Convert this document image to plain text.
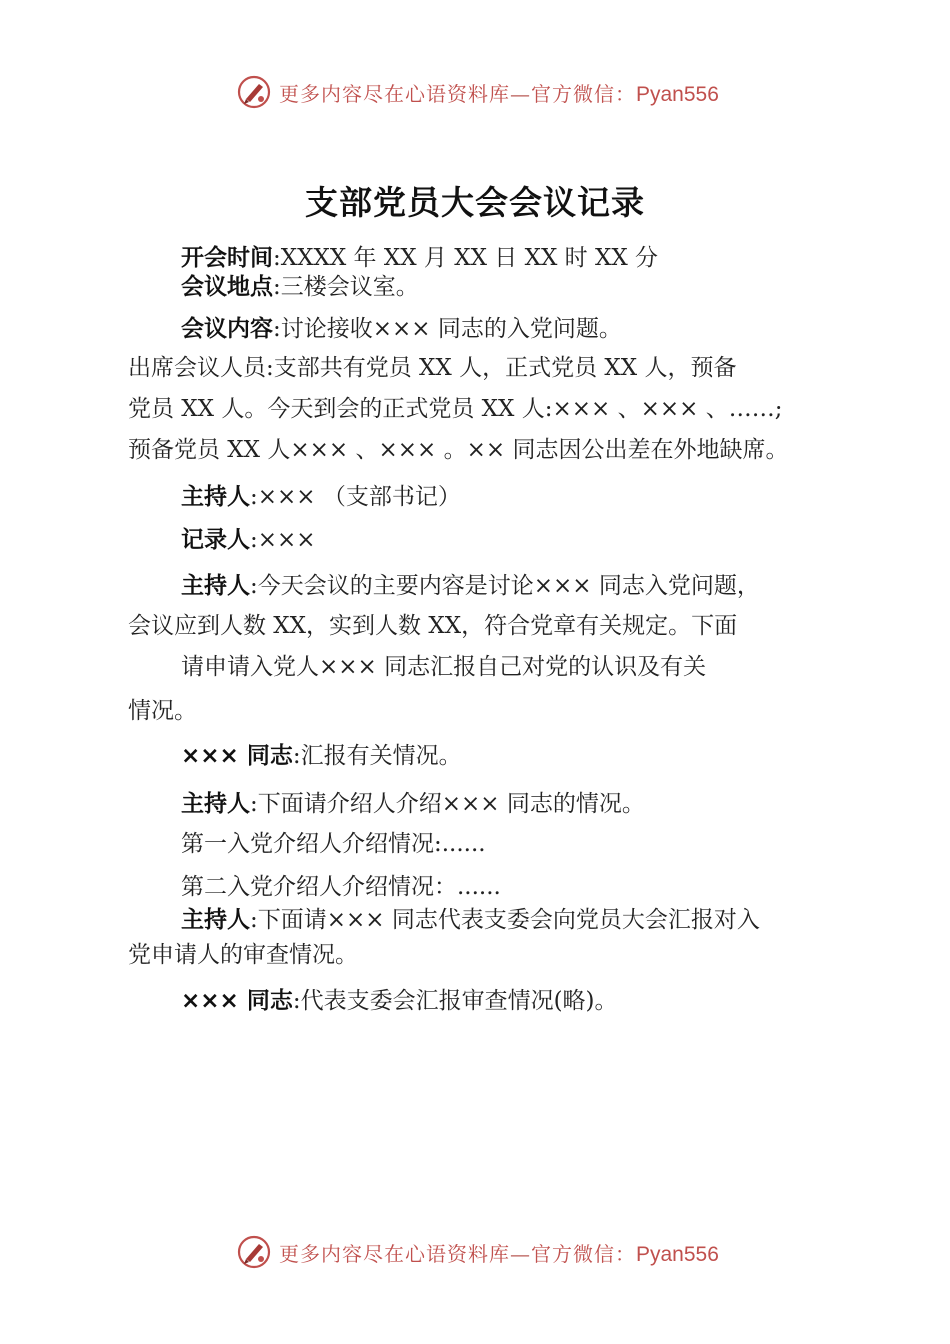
更多内容尽在心语资料库—官方微信：Pyan556
支部党员大会会议记录
开会时间:XXXX 年 XX 月 XX 日 XX 时 XX 分
会议地点:三楼会议室。
会议内容:讨论接收××× 同志的入党问题。
出席会议人员:支部共有党员 XX 人，正式党员 XX 人，预备
党员 XX 人。今天到会的正式党员 XX 人:××× 、××× 、……;
预备党员 XX 人××× 、××× 。×× 同志因公出差在外地缺席。
主持人:××× （支部书记）
记录人:×××
主持人:今天会议的主要内容是讨论××× 同志入党问题，
会议应到人数 XX，实到人数 XX，符合党章有关规定。下面
请申请入党人××× 同志汇报自己对党的认识及有关
情况。
××× 同志:汇报有关情况。
主持人:下面请介绍人介绍××× 同志的情况。
第一入党介绍人介绍情况:......
第二入党介绍人介绍情况：......
主持人:下面请××× 同志代表支委会向党员大会汇报对入
党申请人的审查情况。
××× 同志:代表支委会汇报审查情况(略)。
更多内容尽在心语资料库—官方微信：Pyan556
